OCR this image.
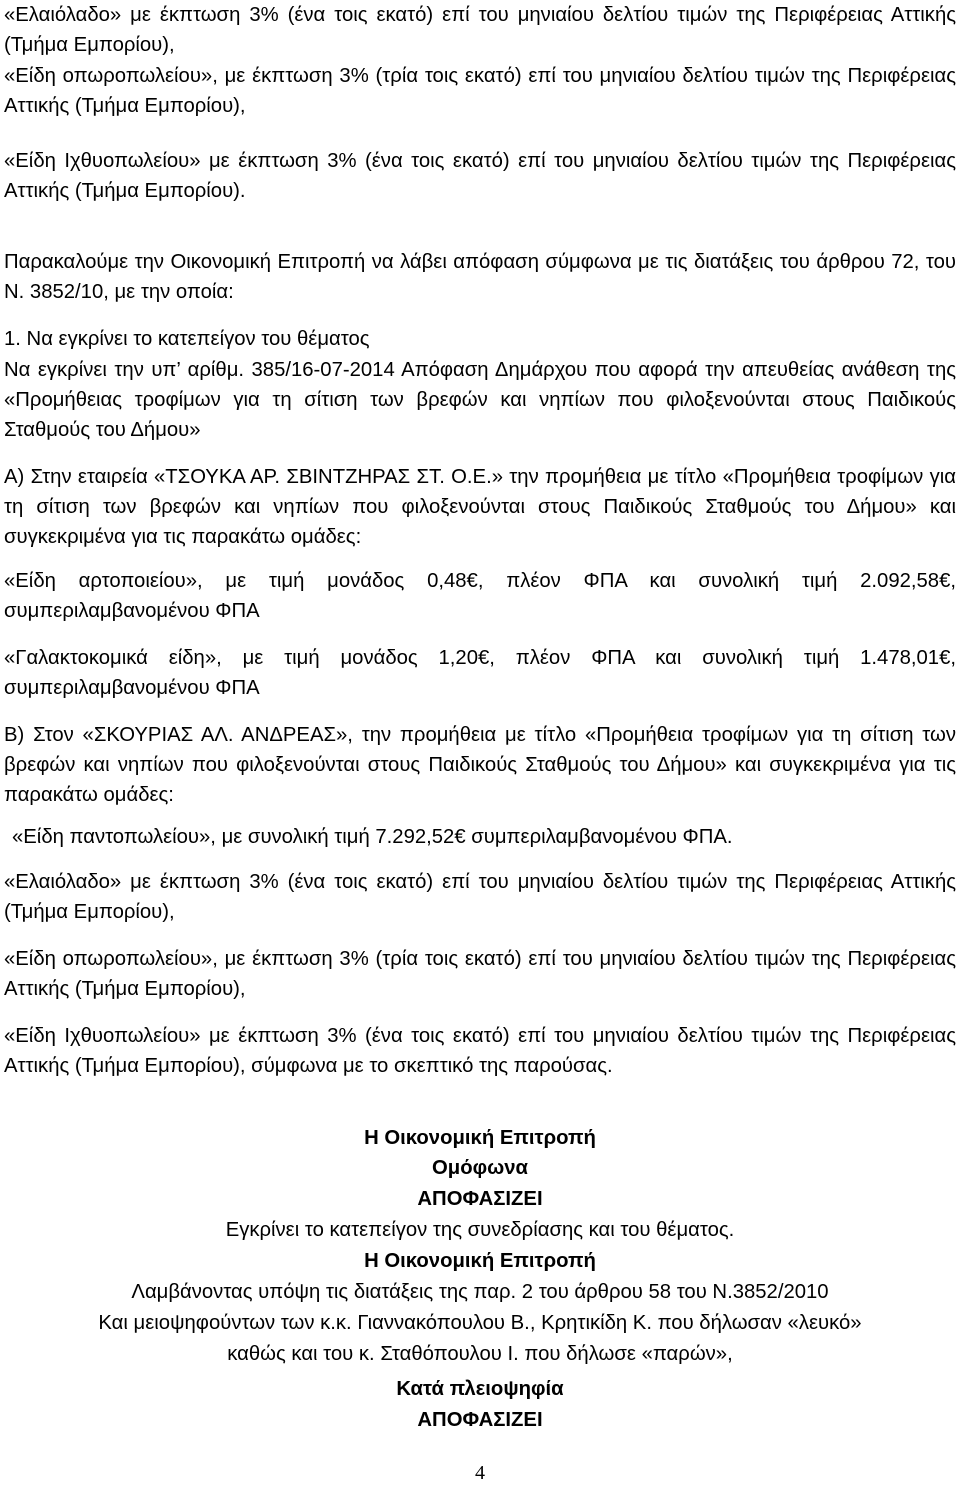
«Ελαιόλαδο» με έκπτωση 3% (ένα τοις εκατό) επί του μηνιαίου δελτίου τιμών της Περιφέρειας Αττικής (Τμήμα Εμπορίου),

«Είδη οπωροπωλείου», με έκπτωση 3% (τρία τοις εκατό) επί του μηνιαίου δελτίου τιμών της Περιφέρειας Αττικής (Τμήμα Εμπορίου),

«Είδη Ιχθυοπωλείου» με έκπτωση 3% (ένα τοις εκατό) επί του μηνιαίου δελτίου τιμών της Περιφέρειας Αττικής (Τμήμα Εμπορίου).

Παρακαλούμε την Οικονομική Επιτροπή να λάβει απόφαση σύμφωνα με τις διατάξεις του άρθρου 72, του Ν. 3852/10, με την οποία:

1. Να εγκρίνει το κατεπείγον του θέματος

Να εγκρίνει την υπ’ αρίθμ. 385/16-07-2014 Απόφαση Δημάρχου που αφορά την απευθείας ανάθεση της «Προμήθειας τροφίμων για τη σίτιση των βρεφών και νηπίων που φιλοξενούνται στους Παιδικούς Σταθμούς του Δήμου»

Α) Στην εταιρεία «ΤΣΟΥΚΑ ΑΡ. ΣΒΙΝΤΖΗΡΑΣ ΣΤ. Ο.Ε.» την προμήθεια με τίτλο «Προμήθεια τροφίμων για τη σίτιση των βρεφών και νηπίων που φιλοξενούνται στους Παιδικούς Σταθμούς του Δήμου» και συγκεκριμένα για τις παρακάτω ομάδες:

«Είδη αρτοποιείου», με τιμή μονάδος 0,48€, πλέον ΦΠΑ και συνολική τιμή 2.092,58€, συμπεριλαμβανομένου ΦΠΑ

«Γαλακτοκομικά είδη», με τιμή μονάδος 1,20€, πλέον ΦΠΑ και συνολική τιμή 1.478,01€, συμπεριλαμβανομένου ΦΠΑ

Β) Στον «ΣΚΟΥΡΙΑΣ ΑΛ. ΑΝΔΡΕΑΣ», την προμήθεια με τίτλο «Προμήθεια τροφίμων για τη σίτιση των βρεφών και νηπίων που φιλοξενούνται στους Παιδικούς Σταθμούς του Δήμου» και συγκεκριμένα για τις παρακάτω ομάδες:

«Είδη παντοπωλείου», με συνολική τιμή 7.292,52€ συμπεριλαμβανομένου ΦΠΑ.

«Ελαιόλαδο» με έκπτωση 3% (ένα τοις εκατό) επί του μηνιαίου δελτίου τιμών της Περιφέρειας Αττικής (Τμήμα Εμπορίου),

«Είδη οπωροπωλείου», με έκπτωση 3% (τρία τοις εκατό) επί του μηνιαίου δελτίου τιμών της Περιφέρειας Αττικής (Τμήμα Εμπορίου),

«Είδη Ιχθυοπωλείου» με έκπτωση 3% (ένα τοις εκατό) επί του μηνιαίου δελτίου τιμών της Περιφέρειας Αττικής (Τμήμα Εμπορίου), σύμφωνα με το σκεπτικό της παρούσας.

Η Οικονομική Επιτροπή

Ομόφωνα

ΑΠΟΦΑΣΙΖΕΙ

Εγκρίνει το κατεπείγον της συνεδρίασης και του θέματος.

Η Οικονομική Επιτροπή

Λαμβάνοντας υπόψη τις διατάξεις της παρ. 2 του άρθρου 58 του Ν.3852/2010

Και μειοψηφούντων των κ.κ. Γιαννακόπουλου Β., Κρητικίδη Κ. που δήλωσαν «λευκό»

καθώς και του κ. Σταθόπουλου Ι. που δήλωσε «παρών»,

Κατά πλειοψηφία

ΑΠΟΦΑΣΙΖΕΙ

4
